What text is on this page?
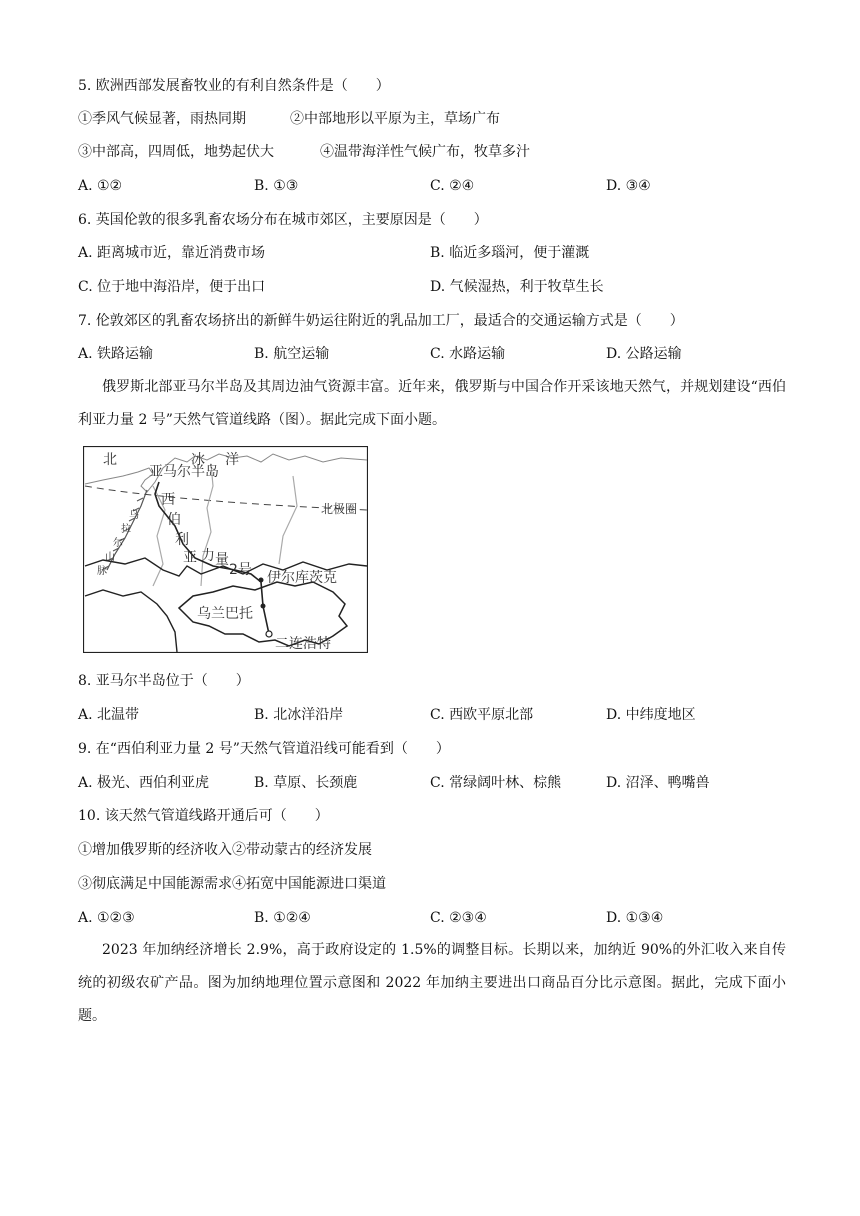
5. 欧洲西部发展畜牧业的有利自然条件是（　　）
①季风气候显著，雨热同期	②中部地形以平原为主，草场广布
③中部高，四周低，地势起伏大	④温带海洋性气候广布，牧草多汁
A. ①②	B. ①③	C. ②④	D. ③④
6. 英国伦敦的很多乳畜农场分布在城市郊区，主要原因是（　　）
A. 距离城市近，靠近消费市场	B. 临近多瑙河，便于灌溉
C. 位于地中海沿岸，便于出口	D. 气候湿热，利于牧草生长
7. 伦敦郊区的乳畜农场挤出的新鲜牛奶运往附近的乳品加工厂，最适合的交通运输方式是（　　）
A. 铁路运输	B. 航空运输	C. 水路运输	D. 公路运输
俄罗斯北部亚马尔半岛及其周边油气资源丰富。近年来，俄罗斯与中国合作开采该地天然气，并规划建设“西伯利亚力量 2 号”天然气管道线路（图）。据此完成下面小题。
北	冰 洋
亚马尔半岛
西
伯
利
亚 力 量
2号
北极圈
伊尔库茨克
乌兰巴托
二连浩特
乌
拉
尔
山
脉
8. 亚马尔半岛位于（　　）
A. 北温带	B. 北冰洋沿岸	C. 西欧平原北部	D. 中纬度地区
9. 在“西伯利亚力量 2 号”天然气管道沿线可能看到（　　）
A. 极光、西伯利亚虎	B. 草原、长颈鹿	C. 常绿阔叶林、棕熊	D. 沼泽、鸭嘴兽
10. 该天然气管道线路开通后可（　　）
①增加俄罗斯的经济收入②带动蒙古的经济发展
③彻底满足中国能源需求④拓宽中国能源进口渠道
A. ①②③	B. ①②④	C. ②③④	D. ①③④
2023 年加纳经济增长 2.9%，高于政府设定的 1.5%的调整目标。长期以来，加纳近 90%的外汇收入来自传统的初级农矿产品。图为加纳地理位置示意图和 2022 年加纳主要进出口商品百分比示意图。据此，完成下面小题。
